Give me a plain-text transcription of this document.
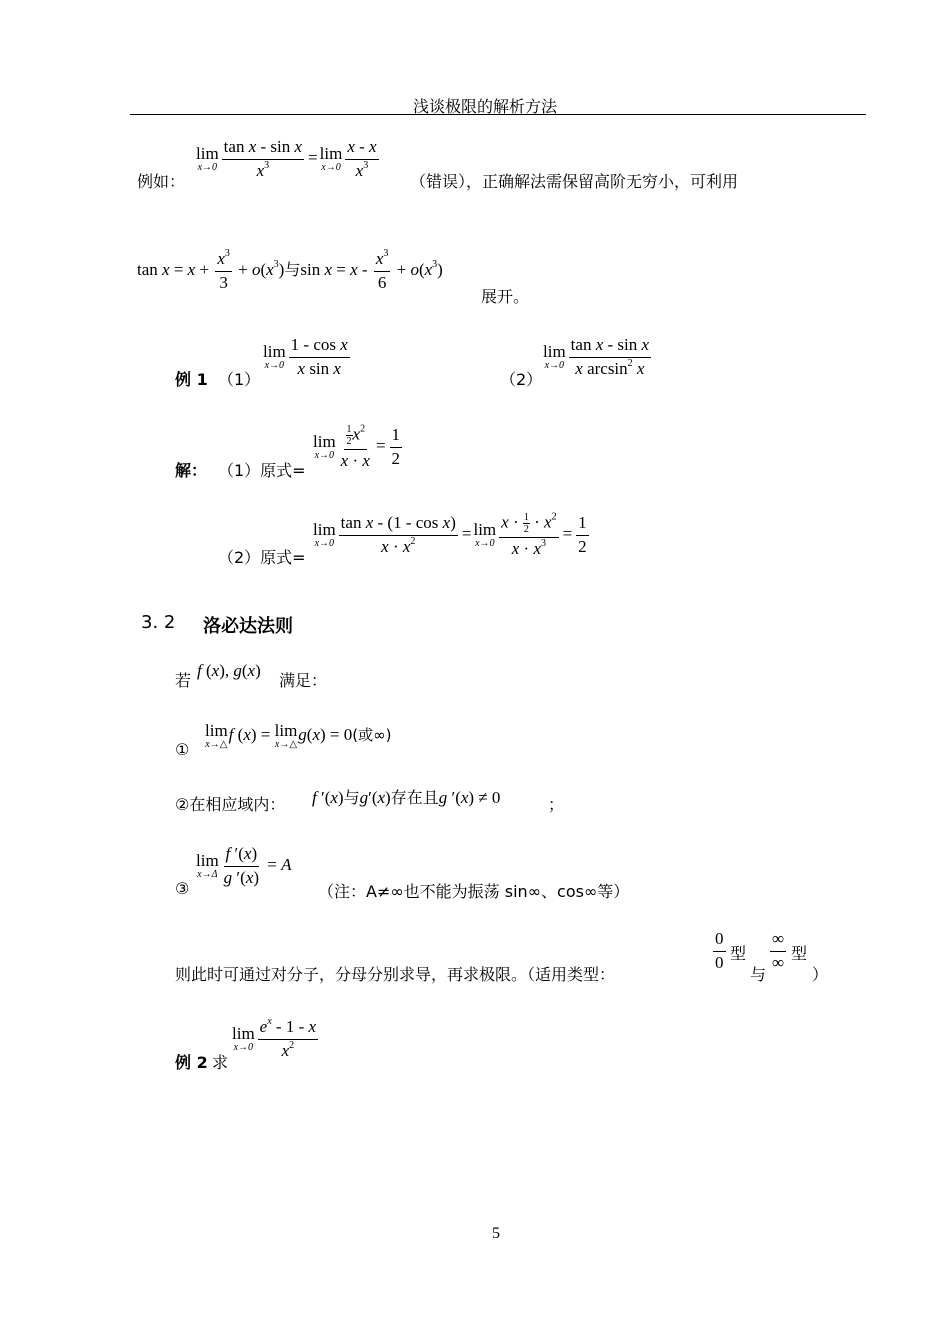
浅谈极限的解析方法
例如：
lim
$x\to 0 \frac{\text{tan x - sin x}}{x^3} = \lim$
$x\to 0 \frac{x - x}{x^3}$
（错误），正确解法需保留高阶无穷小，可利用
$\tan x = x + \frac{x^3}{3} + o(x^3)$与$\sin x = x - \frac{x^3}{6} + o(x^3)$
展开。
例 1 （1）
lim
$x\to 0 \frac{\text{1 - cos x}}{\text{x sin x}}$
（2）
lim
$x\to 0 \frac{\text{tan x - sin x}}{x \arcsin^2 x}$
解： （1）原式=
lim
$x\to 0 \frac{\frac{1}{2} x^2}{x \cdot x} = \frac{1}{2}$
（2）原式=
lim
$x\to 0 \frac{\text{tan x - (1 - cos x)}}{x \cdot x^2} = \lim$
$x\to 0 \frac{x \cdot \frac{1}{2} \cdot x^2}{x \cdot x^3} = \frac{1}{2}$
3. 2 洛必达法则
若
f (x), g(x)
满足：
①
lim
x→△
f (x) = lim
x→△
g(x) = 0(或∞)
②在相应域内： f ′(x)与g′(x)存在且g ′(x) ≠ 0	；
③
lim
$x\to\Delta \frac{f '(x)}{g '(x)} = A$
（注：A≠∞也不能为振荡 sin∞、cos∞等）
则此时可通过对分子，分母分别求导，再求极限。（适用类型：
$\frac{0}{0}$ 型
与
$\frac{\infty}{\infty}$ 型
）
例 2 求
lim
$x\to 0 \frac{e^x - 1 - x}{x^2}$
5
